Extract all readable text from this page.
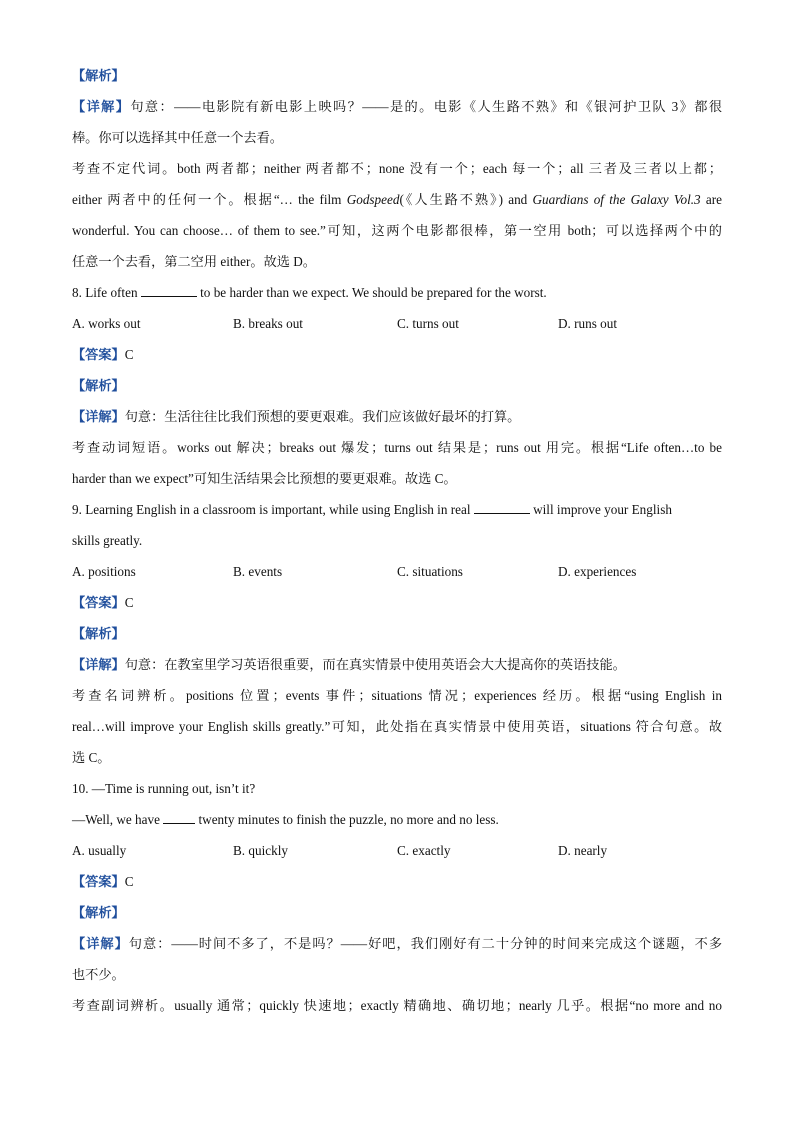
【解析】
【详解】句意：——电影院有新电影上映吗？——是的。电影《人生路不熟》和《银河护卫队 3》都很
棒。你可以选择其中任意一个去看。
考查不定代词。both 两者都；neither 两者都不；none 没有一个；each 每一个；all 三者及三者以上都；
either 两者中的任何一个。根据“… the film Godspeed(《人生路不熟》) and Guardians of the Galaxy Vol.3 are
wonderful. You can choose… of them to see.”可知，这两个电影都很棒，第一空用 both；可以选择两个中的
任意一个去看，第二空用 either。故选 D。
8. Life often	to be harder than we expect. We should be prepared for the worst.
A. works out	B. breaks out	C. turns out	D. runs out
【答案】C
【解析】
【详解】句意：生活往往比我们预想的要更艰难。我们应该做好最坏的打算。
考查动词短语。works out 解决；breaks out 爆发；turns out 结果是；runs out 用完。根据“Life often…to be
harder than we expect”可知生活结果会比预想的要更艰难。故选 C。
9. Learning English in a classroom is important, while using English in real	will improve your English
skills greatly.
A. positions	B. events	C. situations	D. experiences
【答案】C
【解析】
【详解】句意：在教室里学习英语很重要，而在真实情景中使用英语会大大提高你的英语技能。
考查名词辨析。positions 位置；events 事件；situations 情况；experiences 经历。根据“using English in
real…will improve your English skills greatly.”可知，此处指在真实情景中使用英语，situations 符合句意。故
选 C。
10. —Time is running out, isn’t it?
—Well, we have  twenty minutes to finish the puzzle, no more and no less.
A. usually	B. quickly	C. exactly	D. nearly
【答案】C
【解析】
【详解】句意：——时间不多了，不是吗？——好吧，我们刚好有二十分钟的时间来完成这个谜题，不多
也不少。
考查副词辨析。usually 通常；quickly 快速地；exactly 精确地、确切地；nearly 几乎。根据“no more and no
